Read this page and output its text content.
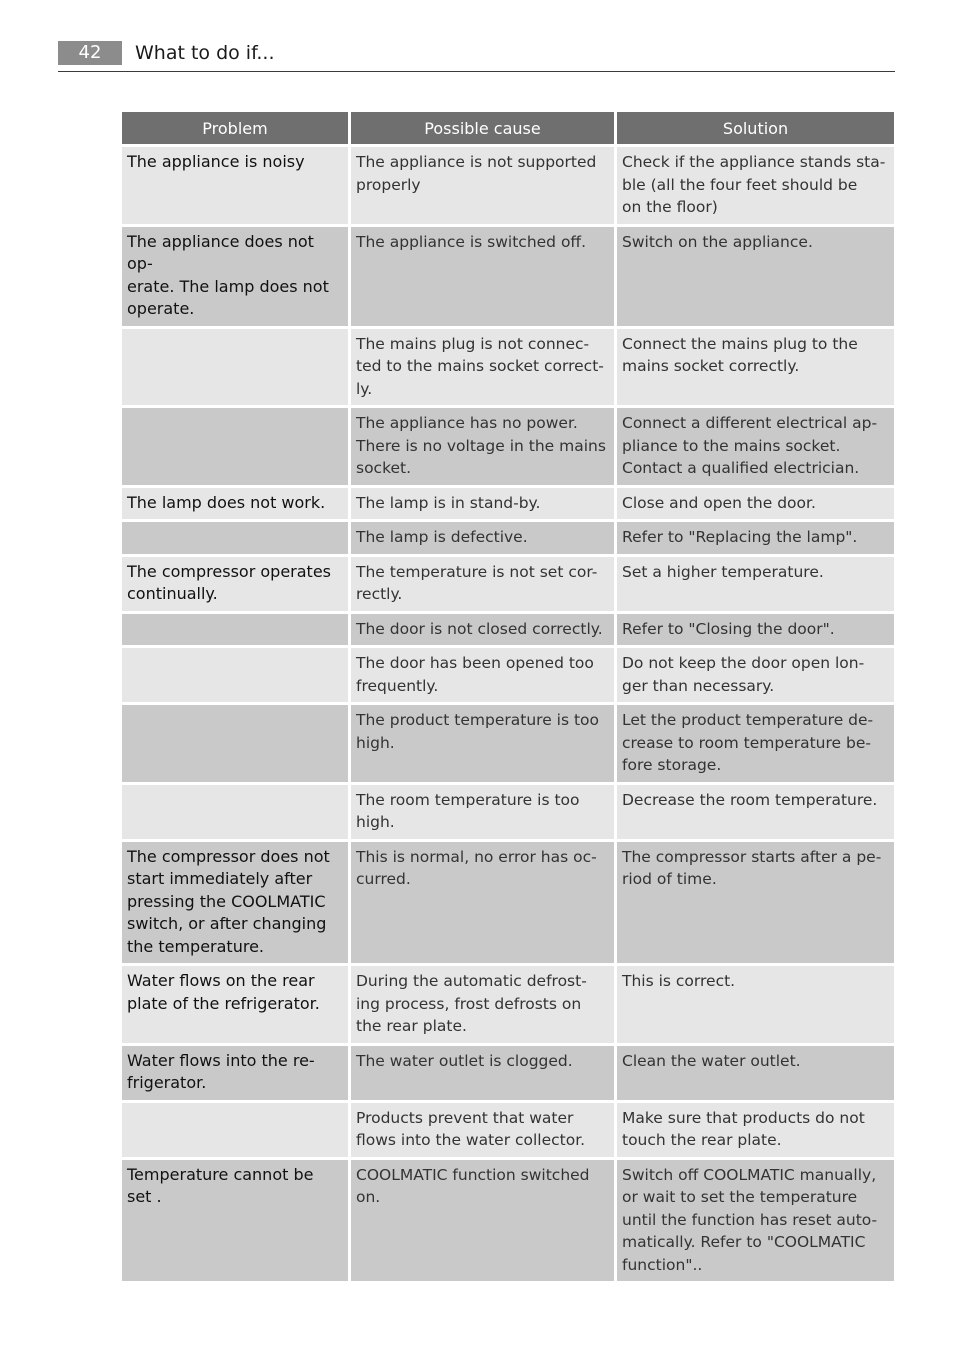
42	What to do if...
Problem	Possible cause	Solution
The appliance is noisy	The appliance is not supported properly	Check if the appliance stands sta-
ble (all the four feet should be
on the floor)
The appliance does not op-
erate. The lamp does not
operate.	The appliance is switched off.	Switch on the appliance.
	The mains plug is not connec-
ted to the mains socket correct-
ly.	Connect the mains plug to the
mains socket correctly.
	The appliance has no power.
There is no voltage in the mains
socket.	Connect a different electrical ap-
pliance to the mains socket.
Contact a qualified electrician.
The lamp does not work.	The lamp is in stand-by.	Close and open the door.
	The lamp is defective.	Refer to "Replacing the lamp".
The compressor operates
continually.	The temperature is not set cor-
rectly.	Set a higher temperature.
	The door is not closed correctly.	Refer to "Closing the door".
	The door has been opened too
frequently.	Do not keep the door open lon-
ger than necessary.
	The product temperature is too
high.	Let the product temperature de-
crease to room temperature be-
fore storage.
	The room temperature is too
high.	Decrease the room temperature.
The compressor does not
start immediately after
pressing the COOLMATIC
switch, or after changing
the temperature.	This is normal, no error has oc-
curred.	The compressor starts after a pe-
riod of time.
Water flows on the rear
plate of the refrigerator.	During the automatic defrost-
ing process, frost defrosts on
the rear plate.	This is correct.
Water flows into the re-
frigerator.	The water outlet is clogged.	Clean the water outlet.
	Products prevent that water
flows into the water collector.	Make sure that products do not
touch the rear plate.
Temperature cannot be
set .	COOLMATIC function switched
on.	Switch off COOLMATIC manually,
or wait to set the temperature
until the function has reset auto-
matically. Refer to "COOLMATIC
function"..
